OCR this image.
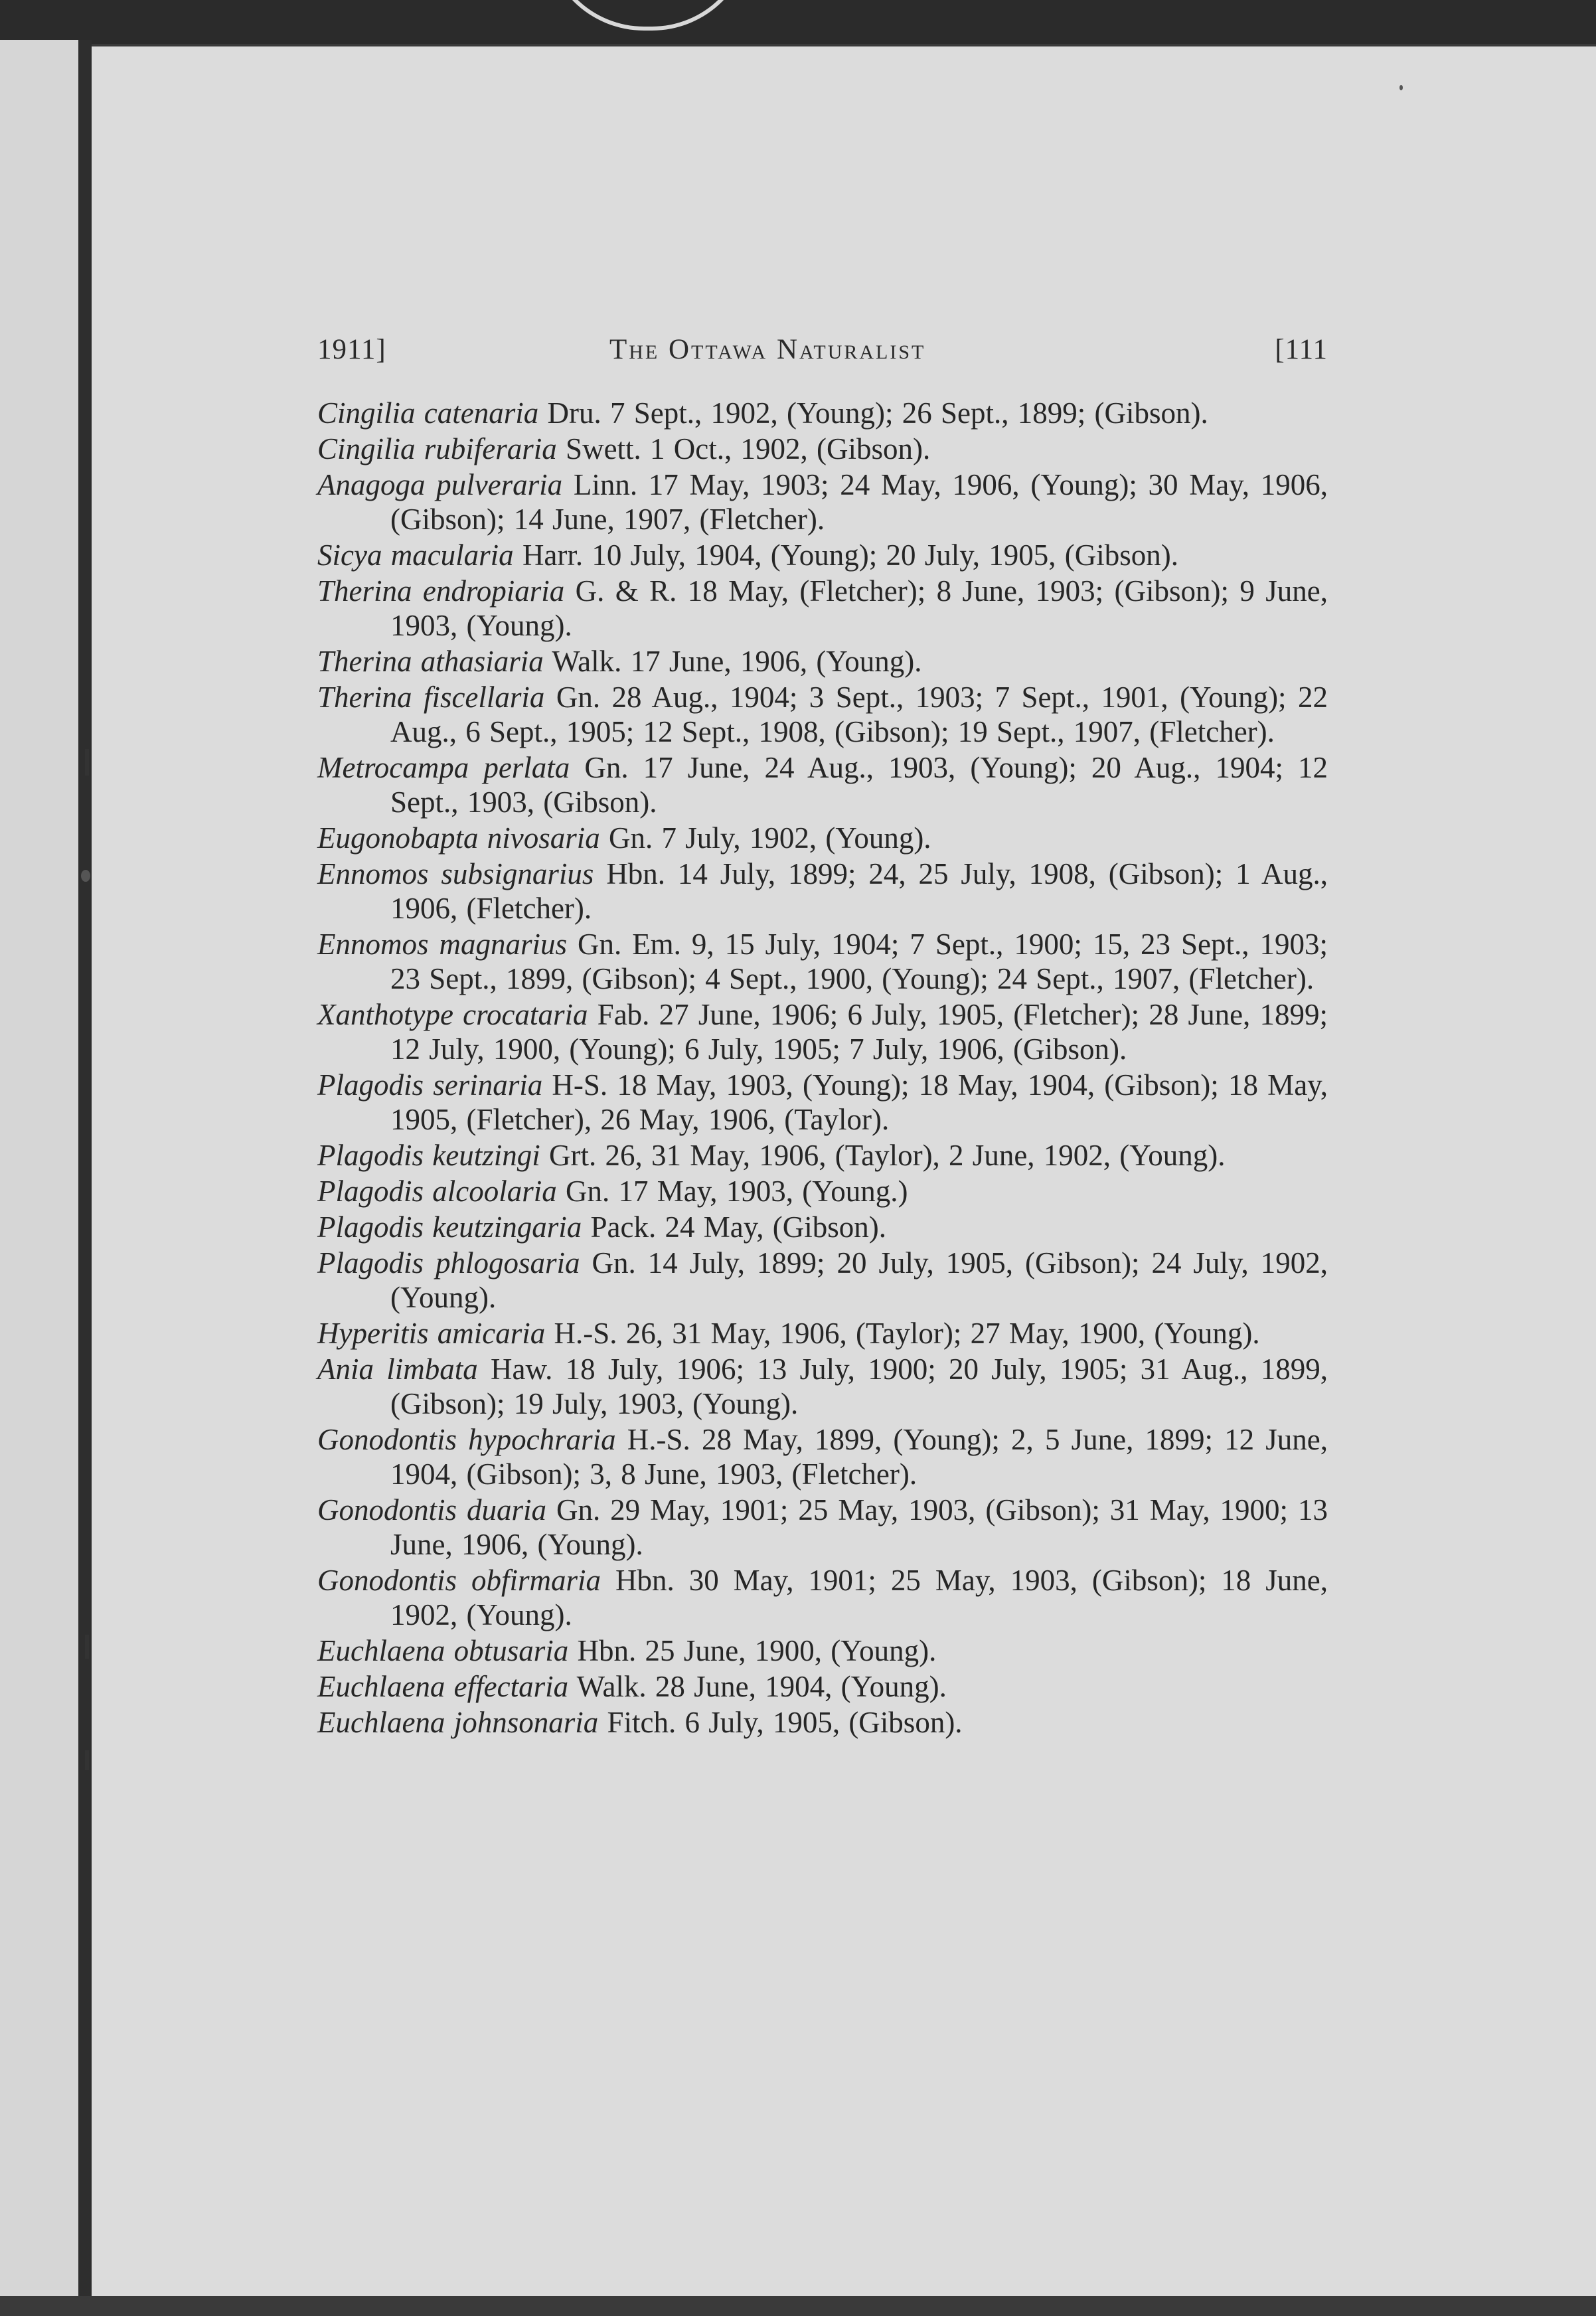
1911]	The Ottawa Naturalist	[111

Cingilia catenaria Dru. 7 Sept., 1902, (Young); 26 Sept., 1899; (Gibson).

Cingilia rubiferaria Swett. 1 Oct., 1902, (Gibson).

Anagoga pulveraria Linn. 17 May, 1903; 24 May, 1906, (Young); 30 May, 1906, (Gibson); 14 June, 1907, (Fletcher).

Sicya macularia Harr. 10 July, 1904, (Young); 20 July, 1905, (Gibson).

Therina endropiaria G. & R. 18 May, (Fletcher); 8 June, 1903; (Gibson); 9 June, 1903, (Young).

Therina athasiaria Walk. 17 June, 1906, (Young).

Therina fiscellaria Gn. 28 Aug., 1904; 3 Sept., 1903; 7 Sept., 1901, (Young); 22 Aug., 6 Sept., 1905; 12 Sept., 1908, (Gibson); 19 Sept., 1907, (Fletcher).

Metrocampa perlata Gn. 17 June, 24 Aug., 1903, (Young); 20 Aug., 1904; 12 Sept., 1903, (Gibson).

Eugonobapta nivosaria Gn. 7 July, 1902, (Young).

Ennomos subsignarius Hbn. 14 July, 1899; 24, 25 July, 1908, (Gibson); 1 Aug., 1906, (Fletcher).

Ennomos magnarius Gn. Em. 9, 15 July, 1904; 7 Sept., 1900; 15, 23 Sept., 1903; 23 Sept., 1899, (Gibson); 4 Sept., 1900, (Young); 24 Sept., 1907, (Fletcher).

Xanthotype crocataria Fab. 27 June, 1906; 6 July, 1905, (Fletcher); 28 June, 1899; 12 July, 1900, (Young); 6 July, 1905; 7 July, 1906, (Gibson).

Plagodis serinaria H-S. 18 May, 1903, (Young); 18 May, 1904, (Gibson); 18 May, 1905, (Fletcher), 26 May, 1906, (Taylor).

Plagodis keutzingi Grt. 26, 31 May, 1906, (Taylor), 2 June, 1902, (Young).

Plagodis alcoolaria Gn. 17 May, 1903, (Young.)

Plagodis keutzingaria Pack. 24 May, (Gibson).

Plagodis phlogosaria Gn. 14 July, 1899; 20 July, 1905, (Gibson); 24 July, 1902, (Young).

Hyperitis amicaria H.-S. 26, 31 May, 1906, (Taylor); 27 May, 1900, (Young).

Ania limbata Haw. 18 July, 1906; 13 July, 1900; 20 July, 1905; 31 Aug., 1899, (Gibson); 19 July, 1903, (Young).

Gonodontis hypochraria H.-S. 28 May, 1899, (Young); 2, 5 June, 1899; 12 June, 1904, (Gibson); 3, 8 June, 1903, (Fletcher).

Gonodontis duaria Gn. 29 May, 1901; 25 May, 1903, (Gibson); 31 May, 1900; 13 June, 1906, (Young).

Gonodontis obfirmaria Hbn. 30 May, 1901; 25 May, 1903, (Gibson); 18 June, 1902, (Young).

Euchlaena obtusaria Hbn. 25 June, 1900, (Young).

Euchlaena effectaria Walk. 28 June, 1904, (Young).

Euchlaena johnsonaria Fitch. 6 July, 1905, (Gibson).
